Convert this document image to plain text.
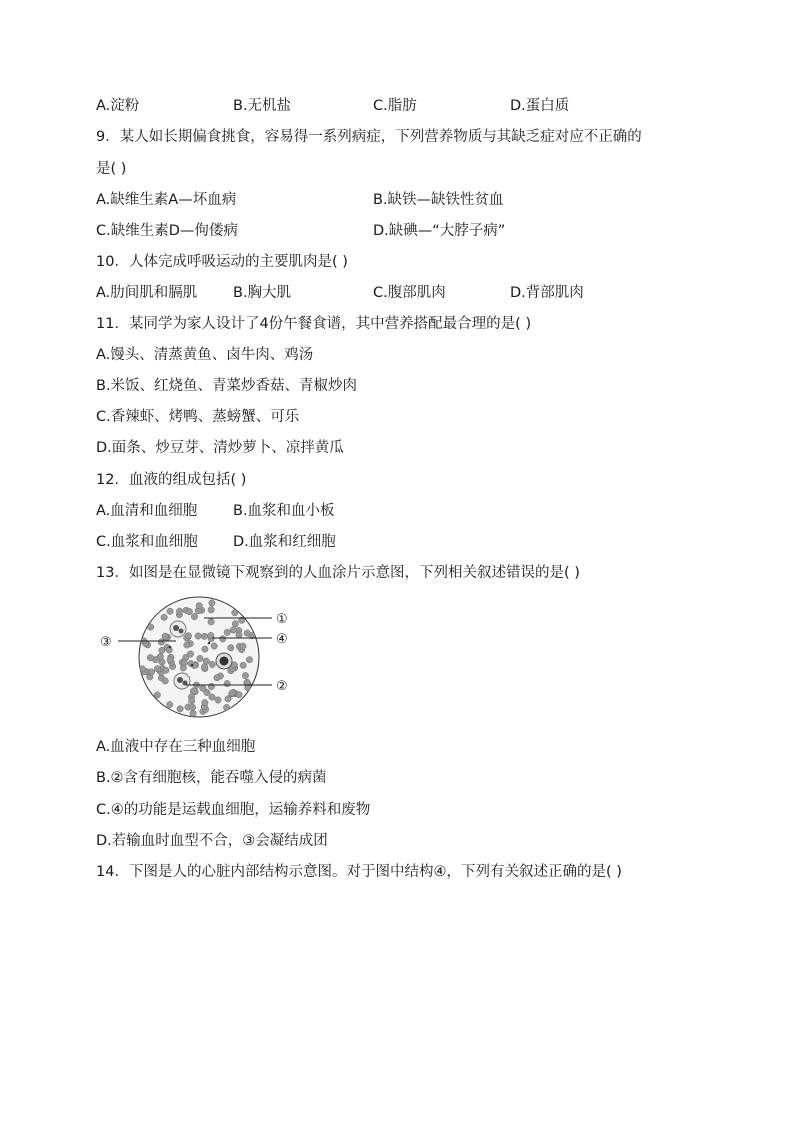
A.淀粉	B.无机盐	C.脂肪	D.蛋白质
9．某人如长期偏食挑食，容易得一系列病症，下列营养物质与其缺乏症对应不正确的
是( )
A.缺维生素A—坏血病	B.缺铁—缺铁性贫血
C.缺维生素D—佝偻病	D.缺碘—“大脖子病”
10．人体完成呼吸运动的主要肌肉是( )
A.肋间肌和膈肌 B.胸大肌	C.腹部肌肉	D.背部肌肉
11．某同学为家人设计了4份午餐食谱，其中营养搭配最合理的是( )
A.馒头、清蒸黄鱼、卤牛肉、鸡汤
B.米饭、红烧鱼、青菜炒香菇、青椒炒肉
C.香辣虾、烤鸭、蒸螃蟹、可乐
D.面条、炒豆芽、清炒萝卜、凉拌黄瓜
12．血液的组成包括( )
A.血清和血细胞 B.血浆和血小板
C.血浆和血细胞 D.血浆和红细胞
13．如图是在显微镜下观察到的人血涂片示意图，下列相关叙述错误的是( )
①
④
③
②
A.血液中存在三种血细胞
B.②含有细胞核，能吞噬入侵的病菌
C.④的功能是运载血细胞，运输养料和废物
D.若输血时血型不合，③会凝结成团
14．下图是人的心脏内部结构示意图。对于图中结构④，下列有关叙述正确的是( )
